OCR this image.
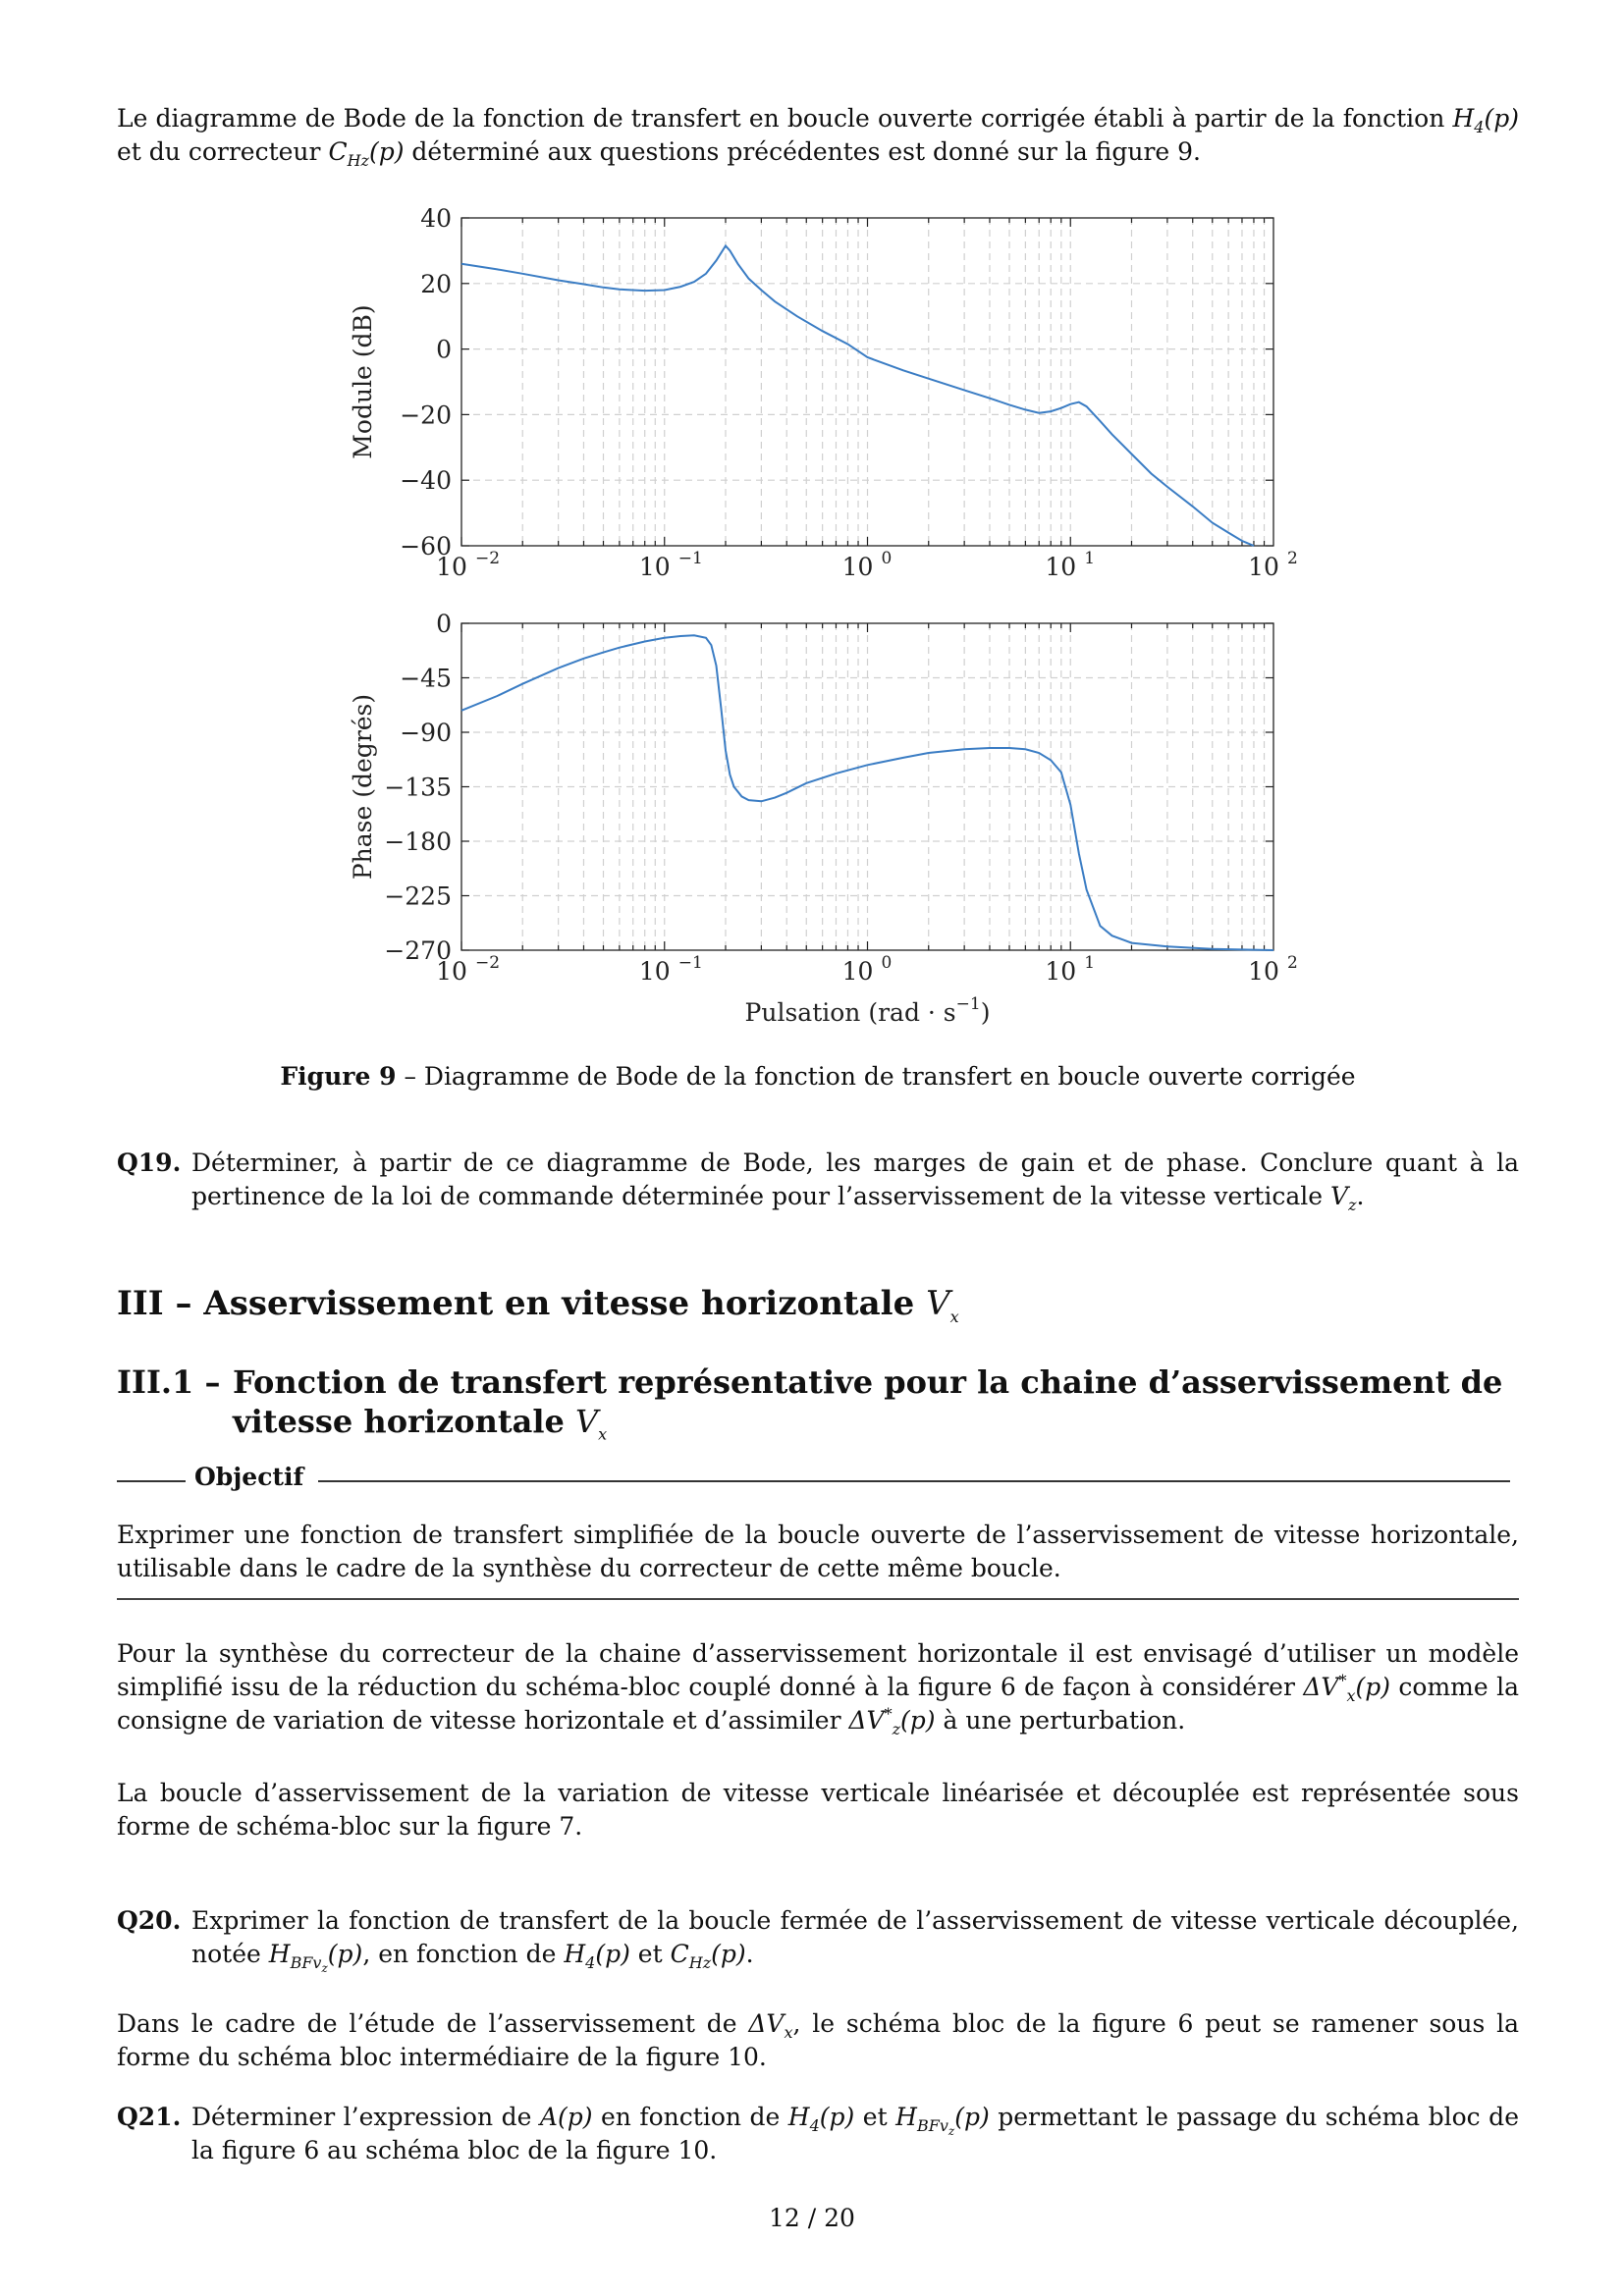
Le diagramme de Bode de la fonction de transfert en boucle ouverte corrigée établi à partir de la fonction $H_4(p)$ et du correcteur $C_{Hz}(p)$ déterminé aux questions précédentes est donné sur la figure 9.
40
20
0
−20
−40
−60
10 −2	10 −1	10 0	10 1	10 2
Module (dB)
0
−45
−90
−135
−180
−225
−270
10 −2	10 −1	10 0	10 1	10 2
Phase (degrés)
Pulsation $(rad \cdot s^{-1})$
Figure 9 – Diagramme de Bode de la fonction de transfert en boucle ouverte corrigée
Q19. Déterminer, à partir de ce diagramme de Bode, les marges de gain et de phase. Conclure quant à la pertinence de la loi de commande déterminée pour l’asservissement de la vitesse verticale $V_z$.
III – Asservissement en vitesse horizontale $V_x$
III.1 – Fonction de transfert représentative pour la chaine d’asservissement de vitesse horizontale $V_x$
Objectif
Exprimer une fonction de transfert simplifiée de la boucle ouverte de l’asservissement de vitesse horizontale, utilisable dans le cadre de la synthèse du correcteur de cette même boucle.
Pour la synthèse du correcteur de la chaine d’asservissement horizontale il est envisagé d’utiliser un modèle simplifié issu de la réduction du schéma-bloc couplé donné à la figure 6 de façon à considérer $\Delta V^*_x(p)$ comme la consigne de variation de vitesse horizontale et d’assimiler $\Delta V^*_z(p)$ à une perturbation.
La boucle d’asservissement de la variation de vitesse verticale linéarisée et découplée est représentée sous forme de schéma-bloc sur la figure 7.
Q20. Exprimer la fonction de transfert de la boucle fermée de l’asservissement de vitesse verticale découplée, notée $H_{BFv_z}(p)$, en fonction de $H_4(p)$ et $C_{Hz}(p)$.
Dans le cadre de l’étude de l’asservissement de $\Delta V_x$, le schéma bloc de la figure 6 peut se ramener sous la forme du schéma bloc intermédiaire de la figure 10.
Q21. Déterminer l’expression de A(p) en fonction de $H_4(p)$ et $H_{BFv_z}(p)$ permettant le passage du schéma bloc de la figure 6 au schéma bloc de la figure 10.
12 / 20
